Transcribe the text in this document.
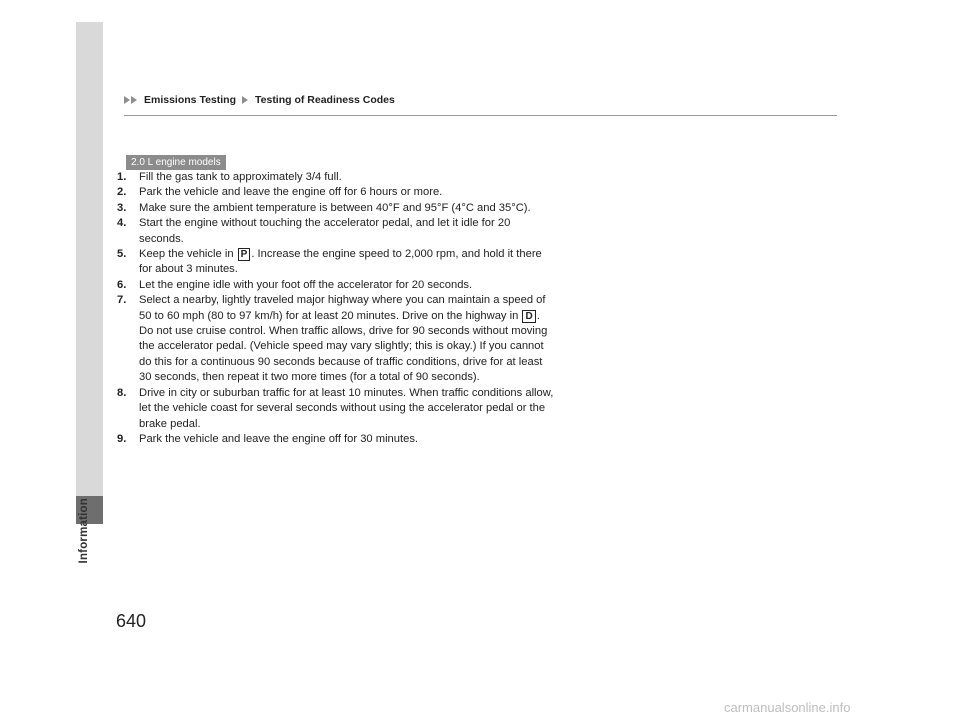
Information
Emissions Testing Testing of Readiness Codes
2.0 L engine models
1. Fill the gas tank to approximately 3/4 full.
2. Park the vehicle and leave the engine off for 6 hours or more.
3. Make sure the ambient temperature is between 40°F and 95°F (4°C and 35°C).
4. Start the engine without touching the accelerator pedal, and let it idle for 20 seconds.
5. Keep the vehicle in P . Increase the engine speed to 2,000 rpm, and hold it there for about 3 minutes.
6. Let the engine idle with your foot off the accelerator for 20 seconds.
7. Select a nearby, lightly traveled major highway where you can maintain a speed of 50 to 60 mph (80 to 97 km/h) for at least 20 minutes. Drive on the highway in D . Do not use cruise control. When traffic allows, drive for 90 seconds without moving the accelerator pedal. (Vehicle speed may vary slightly; this is okay.) If you cannot do this for a continuous 90 seconds because of traffic conditions, drive for at least 30 seconds, then repeat it two more times (for a total of 90 seconds).
8. Drive in city or suburban traffic for at least 10 minutes. When traffic conditions allow, let the vehicle coast for several seconds without using the accelerator pedal or the brake pedal.
9. Park the vehicle and leave the engine off for 30 minutes.
640
carmanualsonline.info
